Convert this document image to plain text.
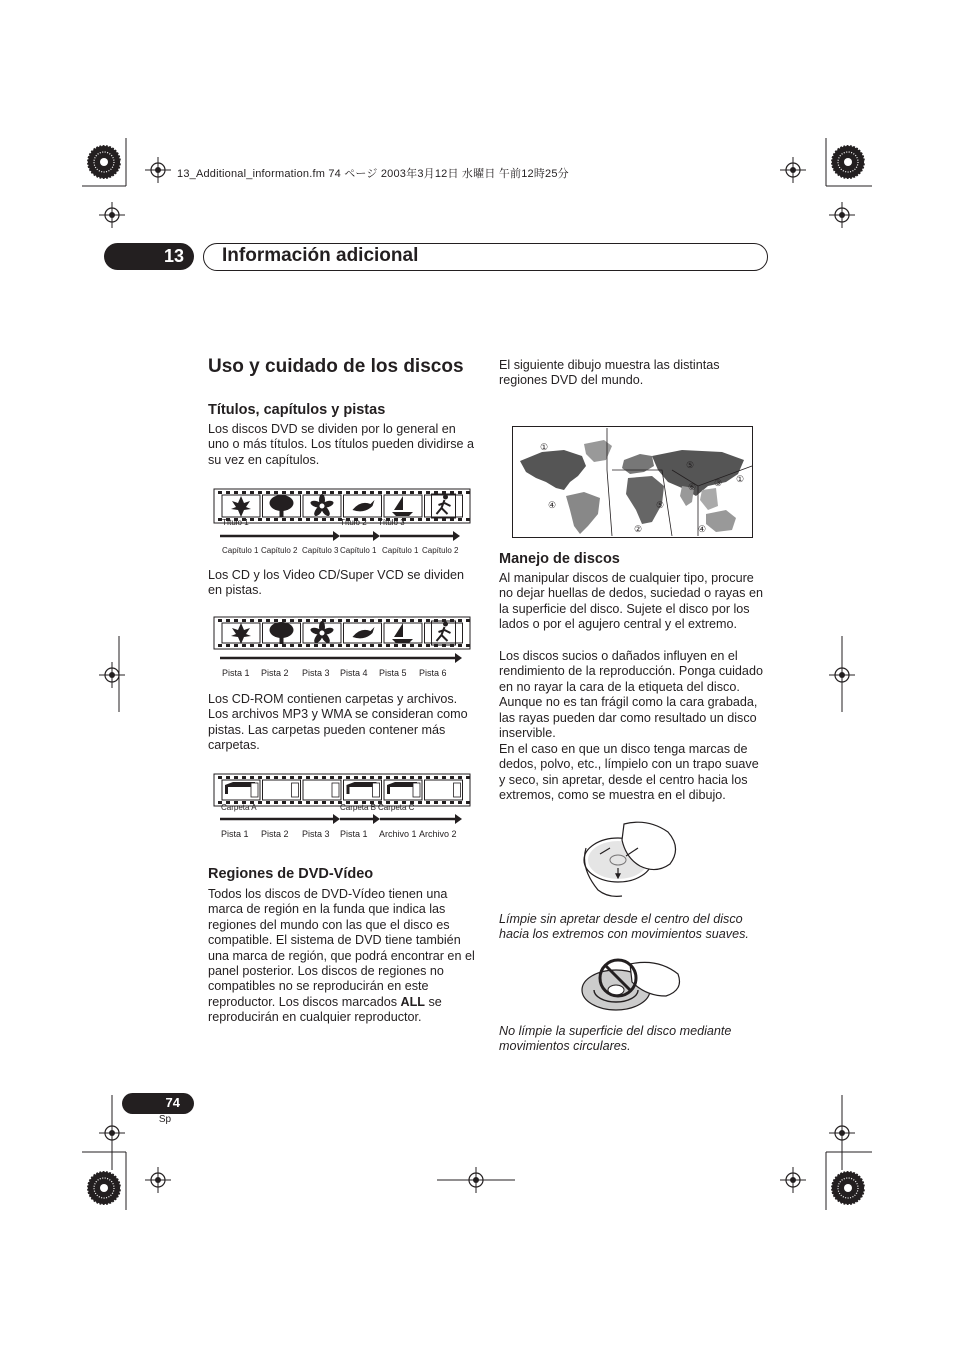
13_Additional_information.fm 74 ページ 2003年3月12日 水曜日 午前12時25分
13 Información adicional
Uso y cuidado de los discos
Títulos, capítulos y pistas
Los discos DVD se dividen por lo general en uno o más títulos. Los títulos pueden dividirse a su vez en capítulos.
Título 1	Título 2 Título 3
Capítulo 1 Capítulo 2 Capítulo 3 Capítulo 1 Capítulo 1 Capítulo 2
Los CD y los Video CD/Super VCD se dividen en pistas.
Pista 1 Pista 2 Pista 3 Pista 4 Pista 5 Pista 6
Los CD-ROM contienen carpetas y archivos. Los archivos MP3 y WMA se consideran como pistas. Las carpetas pueden contener más carpetas.
Carpeta A	Carpeta B Carpeta C
Pista 1 Pista 2 Pista 3 Pista 1 Archivo 1 Archivo 2
Regiones de DVD-Vídeo
Todos los discos de DVD-Vídeo tienen una marca de región en la funda que indica las regiones del mundo con las que el disco es compatible. El sistema de DVD tiene también una marca de región, que podrá encontrar en el panel posterior. Los discos de regiones no compatibles no se reproducirán en este reproductor. Los discos marcados ALL se reproducirán en cualquier reproductor.
El siguiente dibujo muestra las distintas regiones DVD del mundo.
①
①
③
④
⑤
⑤
⑥
②	④
Manejo de discos
Al manipular discos de cualquier tipo, procure no dejar huellas de dedos, suciedad o rayas en la superficie del disco. Sujete el disco por los lados o por el agujero central y el extremo.
Los discos sucios o dañados influyen en el rendimiento de la reproducción. Ponga cuidado en no rayar la cara de la etiqueta del disco. Aunque no es tan frágil como la cara grabada, las rayas pueden dar como resultado un disco inservible.
En el caso en que un disco tenga marcas de dedos, polvo, etc., límpielo con un trapo suave y seco, sin apretar, desde el centro hacia los extremos, como se muestra en el dibujo.
Límpie sin apretar desde el centro del disco hacia los extremos con movimientos suaves.
No límpie la superficie del disco mediante movimientos circulares.
74
Sp
